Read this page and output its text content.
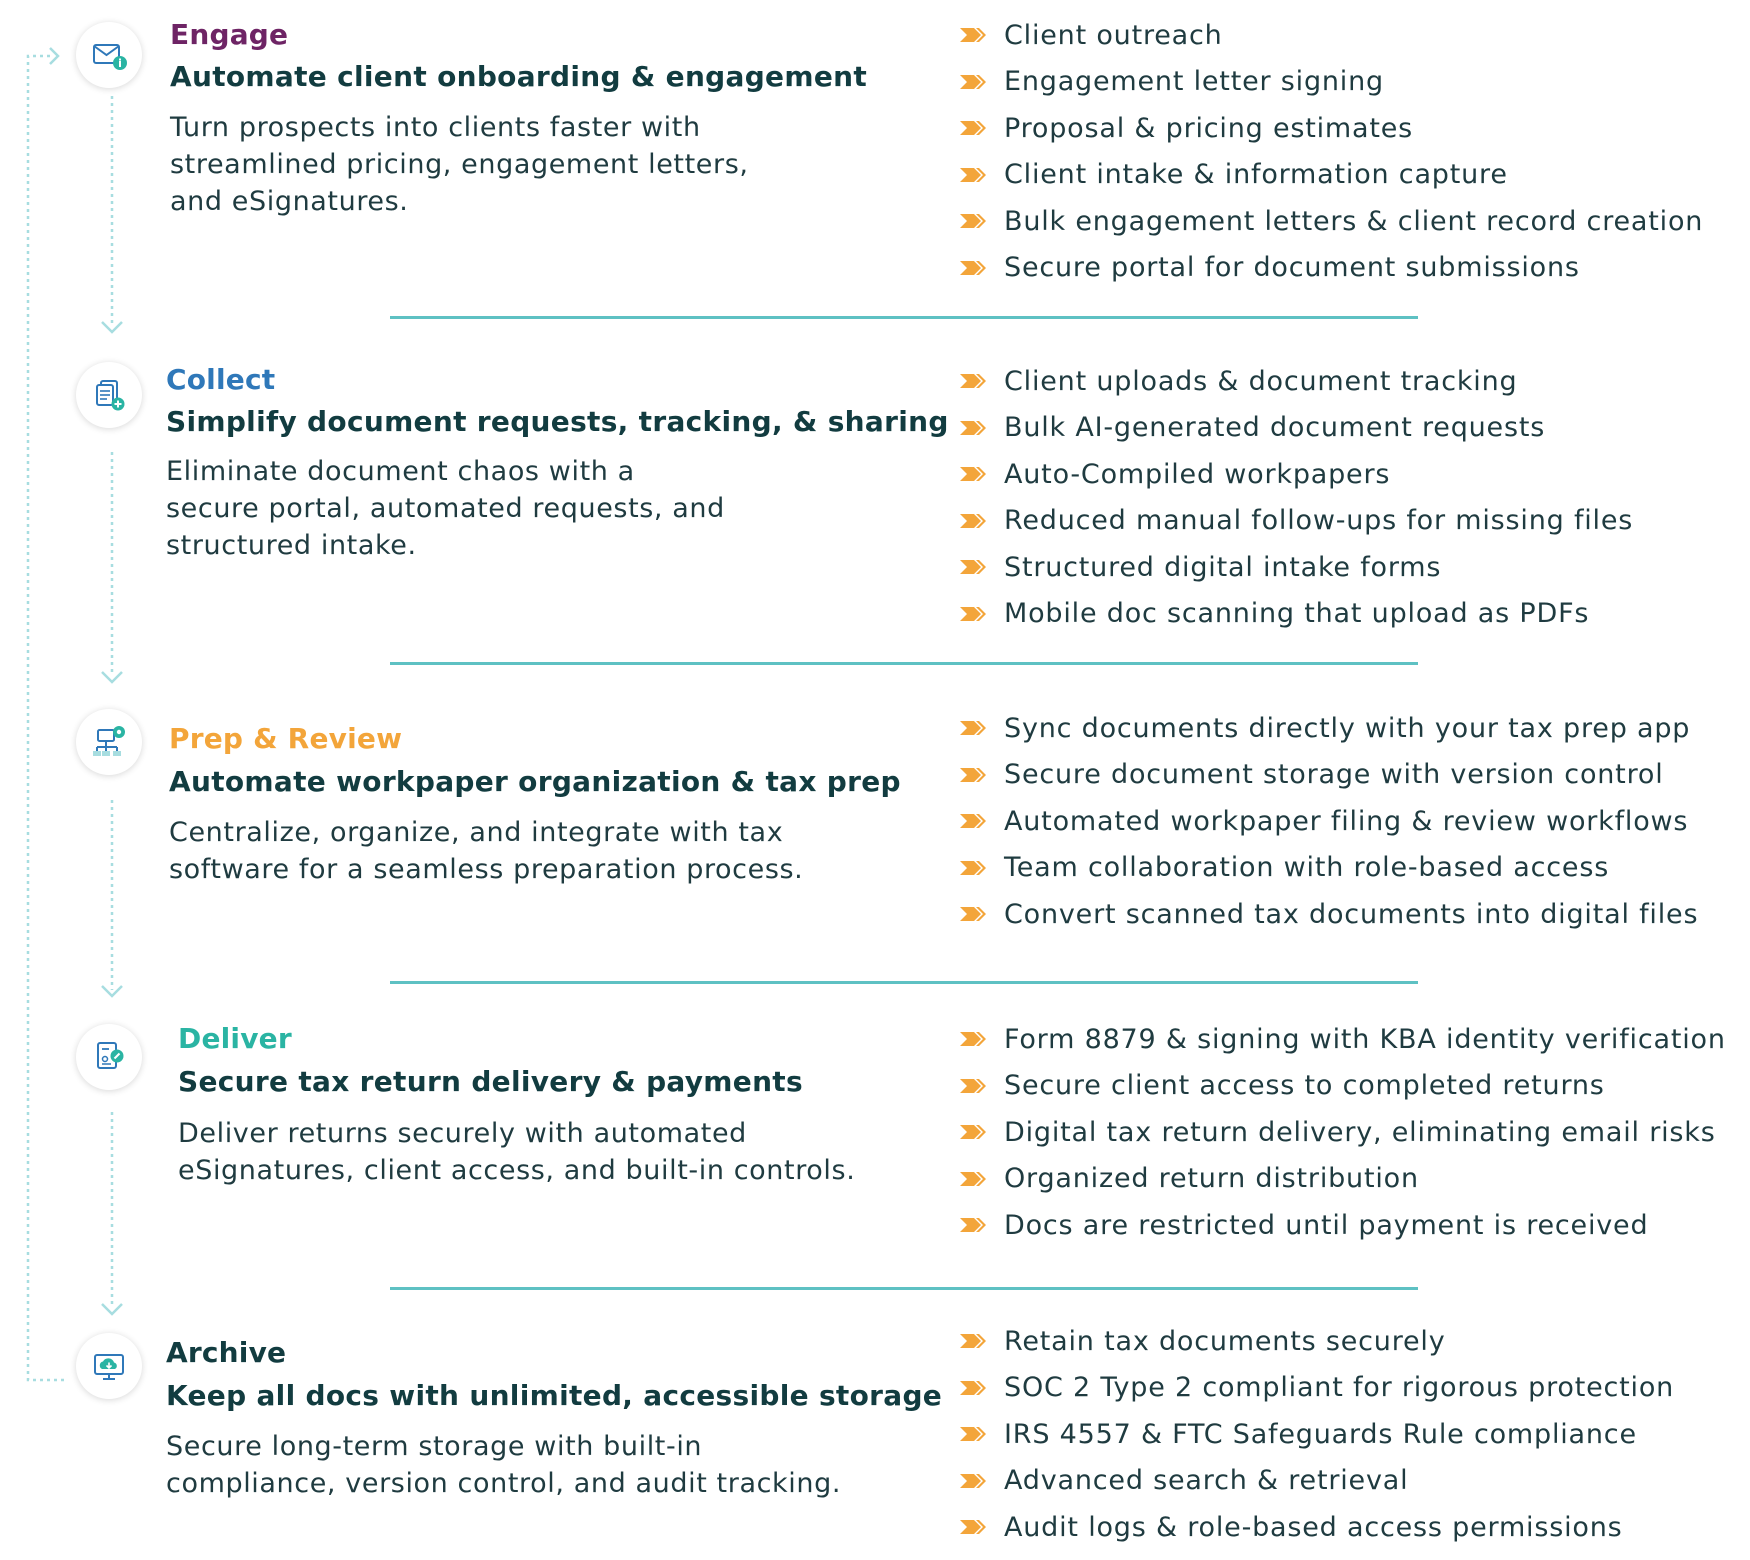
Engage
Automate client onboarding & engagement
Turn prospects into clients faster with
streamlined pricing, engagement letters,
and eSignatures.
Client outreach
Engagement letter signing
Proposal & pricing estimates
Client intake & information capture
Bulk engagement letters & client record creation
Secure portal for document submissions
Collect
Simplify document requests, tracking, & sharing
Eliminate document chaos with a
secure portal, automated requests, and
structured intake.
Client uploads & document tracking
Bulk AI-generated document requests
Auto-Compiled workpapers
Reduced manual follow-ups for missing files
Structured digital intake forms
Mobile doc scanning that upload as PDFs
Prep & Review
Automate workpaper organization & tax prep
Centralize, organize, and integrate with tax
software for a seamless preparation process.
Sync documents directly with your tax prep app
Secure document storage with version control
Automated workpaper filing & review workflows
Team collaboration with role-based access
Convert scanned tax documents into digital files
Deliver
Secure tax return delivery & payments
Deliver returns securely with automated
eSignatures, client access, and built-in controls.
Form 8879 & signing with KBA identity verification
Secure client access to completed returns
Digital tax return delivery, eliminating email risks
Organized return distribution
Docs are restricted until payment is received
Archive
Keep all docs with unlimited, accessible storage
Secure long-term storage with built-in
compliance, version control, and audit tracking.
Retain tax documents securely
SOC 2 Type 2 compliant for rigorous protection
IRS 4557 & FTC Safeguards Rule compliance
Advanced search & retrieval
Audit logs & role-based access permissions
